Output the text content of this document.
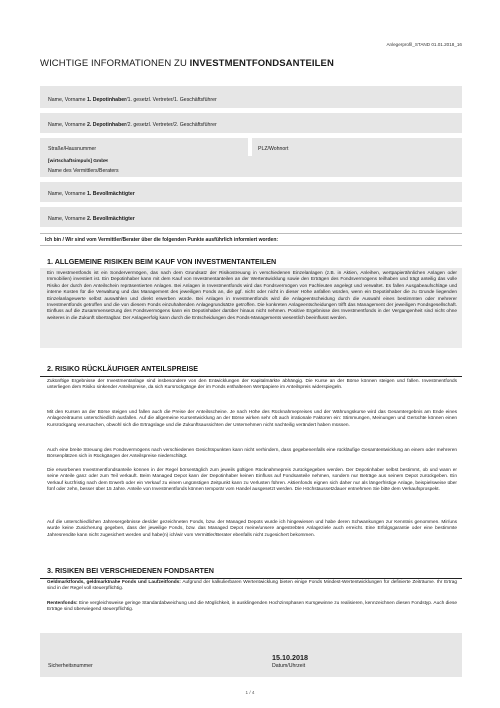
Anlegerprofil_STAND 01.01.2018_16
WICHTIGE INFORMATIONEN ZU INVESTMENTFONDSANTEILEN
Name, Vorname 1. Depotinhaber/1. gesetzl. Vertreter/1. Geschäftsführer
Name, Vorname 2. Depotinhaber/2. gesetzl. Vertreter/2. Geschäftsführer
Straße/Hausnummer	PLZ/Wohnort
[wirtschaftsimpuls] GmbH
Name des Vermittlers/Beraters
Name, Vorname 1. Bevollmächtigter
Name, Vorname 2. Bevollmächtigter
Ich bin / Wir sind vom Vermittler/Berater über die folgenden Punkte ausführlich informiert worden:
1. ALLGEMEINE RISIKEN BEIM KAUF VON INVESTMENTANTEILEN
Ein Investmentfonds ist ein Sondervermögen, das nach dem Grundsatz der Risikostreuung in verschiedenen Einzelanlagen (z.B. in Aktien, Anleihen, wertpapierähnlichen Anlagen oder Immobilien) investiert ist. Ein Depotinhaber kann mit dem Kauf von Investmentanteilen an der Wertentwicklung sowie den Erträgen des Fondsvermögens teilhaben und trägt anteilig das volle Risiko der durch den Anteilschein repräsentierten Anlagen. Bei Anlagen in Investmentfonds wird das Fondsvermögen von Fachleuten angelegt und verwaltet. Es fallen Ausgabeaufschläge und interne Kosten für die Verwaltung und das Management des jeweiligen Fonds an, die ggf. nicht oder nicht in dieser Höhe anfallen würden, wenn ein Depotinhaber die zu Grunde liegenden Einzelanlagewerte selbst auswählen und direkt erwerben würde. Bei Anlagen in Investmentfonds wird die Anlageentscheidung durch die Auswahl eines bestimmten oder mehrerer Investmentfonds getroffen und die von diesem Fonds einzuhaltenden Anlagegrundsätze getroffen. Die konkreten Anlageentscheidungen trifft das Management der jeweiligen Fondsgesellschaft. Einfluss auf die Zusammensetzung des Fondsvermögens kann ein Depotinhaber darüber hinaus nicht nehmen. Positive Ergebnisse des Investmentfonds in der Vergangenheit sind nicht ohne weiteres in die Zukunft übertragbar. Der Anlageerfolg kann durch die Entscheidungen des Fonds-Managements wesentlich beeinflusst werden.
2. RISIKO RÜCKLÄUFIGER ANTEILSPREISE
Zukünftige Ergebnisse der Investmentanlage sind insbesondere von den Entwicklungen der Kapitalmärkte abhängig. Die Kurse an der Börse können steigen und fallen. Investmentfonds unterliegen dem Risiko sinkender Anteilspreise, da sich Kursrückgänge der im Fonds enthaltenen Wertpapiere im Anteilspreis widerspiegeln.
Mit den Kursen an der Börse steigen und fallen auch die Preise der Anteilsscheine. Je nach Höhe des Rücknahmepreises und der Währungskurse wird das Gesamtergebnis am Ende eines Anlagezeitraums unterschiedlich ausfallen. Auf die allgemeine Kursentwicklung an der Börse wirken sehr oft auch irrationale Faktoren ein: Stimmungen, Meinungen und Gerüchte können einen Kursrückgang verursachen, obwohl sich die Ertragslage und die Zukunftsaussichten der Unternehmen nicht nachteilig verändert haben müssen.
Auch eine breite Streuung des Fondsvermögens nach verschiedenen Gesichtspunkten kann nicht verhindern, dass gegebenenfalls eine rückläufige Gesamtentwicklung an einem oder mehreren Börsenplätzen sich in Rückgängen der Anteilspreise niederschlägt.
Die erworbenen Investmentfondsanteile können in der Regel börsentäglich zum jeweils gültigen Rücknahmepreis zurückgegeben werden. Der Depotinhaber selbst bestimmt, ob und wann er seine Anteile ganz oder zum Teil verkauft. Beim Managed Depot kann der Depotinhaber keinen Einfluss auf Fondsanteile nehmen, sondern nur Beträge aus seinem Depot zurückgeben. Ein Verkauf kurzfristig nach dem Erwerb oder ein Verkauf zu einem ungünstigen Zeitpunkt kann zu Verlusten führen. Aktienfonds eignen sich daher nur als längerfristige Anlage, beispielsweise über fünf oder zehn, besser über 15 Jahre. Anteile von Investmentfonds können temporär vom Handel ausgesetzt werden. Die Höchstaussetzdauer entnehmen Sie bitte dem Verkaufsprospekt.
Auf die unterschiedlichen Jahresergebnisse des/der gezeichneten Fonds, bzw. der Managed Depots wurde ich hingewiesen und habe deren Schwankungen zur Kenntnis genommen. Mir/uns wurde keine Zusicherung gegeben, dass der jeweilige Fonds, bzw. das Managed Depot meine/unsere angestrebten Anlageziele auch erreicht. Eine Erfolgsgarantie oder eine bestimmte Jahresrendite kann nicht zugesichert werden und habe(n) ich/wir vom Vermittler/Berater ebenfalls nicht zugesichert bekommen.
3. RISIKEN BEI VERSCHIEDENEN FONDSARTEN
Geldmarktfonds, geldmarktnahe Fonds und Laufzeitfonds: Aufgrund der kalkulierbaren Wertentwicklung bieten einige Fonds Mindest-Wertentwicklungen für definierte Zeiträume. Ihr Ertrag sind in der Regel voll steuerpflichtig.
Rentenfonds: Eine vergleichsweise geringe Standardabweichung und die Möglichkeit, in ausklingenden Hochzinsphasen Kursgewinne zu realisieren, kennzeichnen diesen Fondstyp. Auch diese Erträge sind überwiegend steuerpflichtig.
Sicherheitsnummer
15.10.2018
Datum/Uhrzeit
1 / 4
